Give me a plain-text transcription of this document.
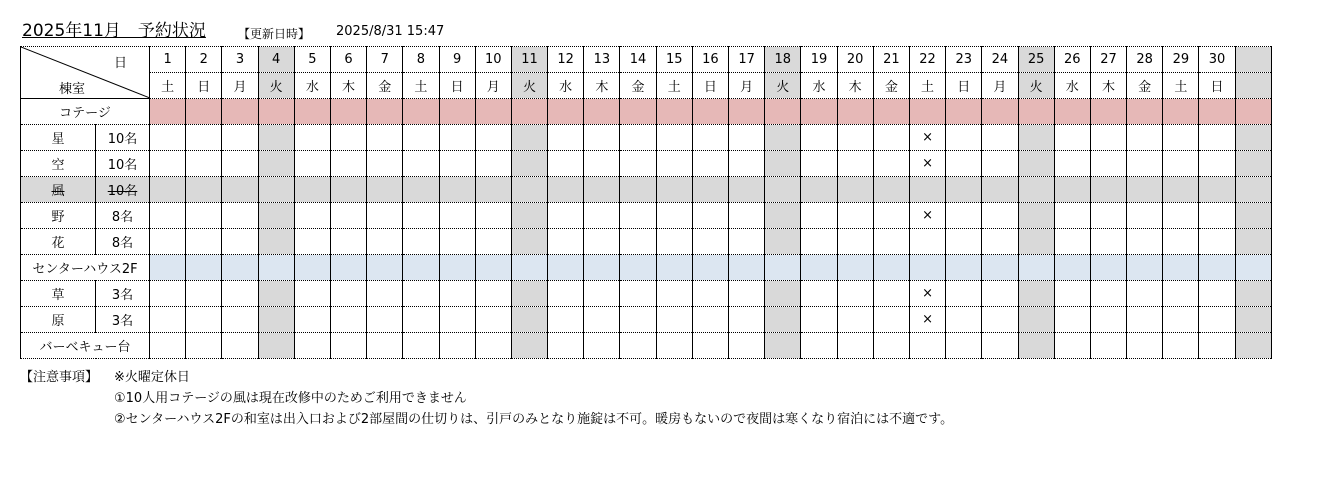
2025年11月　予約状況	【更新日時】 2025/8/31 15:47
日
棟室		1	2	3	4	5	6	7	8	9	10	11	12	13	14	15	16	17	18	19	20	21	22	23	24	25	26	27	28	29	30	
		土	日	月	火	水	木	金	土	日	月	火	水	木	金	土	日	月	火	水	木	金	土	日	月	火	水	木	金	土	日	
コテージ																																
星	10名																						×									
空	10名																						×									
風	10名																															
野	8名																						×									
花	8名																															
センターハウス2F																																
草	3名																						×									
原	3名																						×									
バーベキュー台																																
【注意事項】 ※火曜定休日
①10人用コテージの風は現在改修中のためご利用できません
②センターハウス2Fの和室は出入口および2部屋間の仕切りは、引戸のみとなり施錠は不可。暖房もないので夜間は寒くなり宿泊には不適です。
